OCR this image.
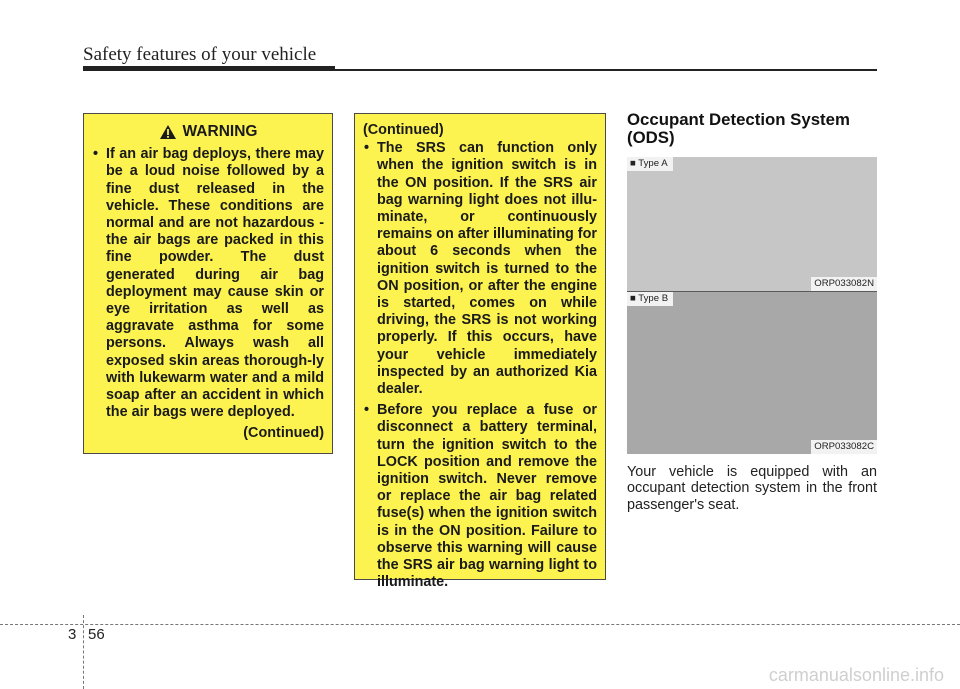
Safety features of your vehicle
WARNING
• If an air bag deploys, there may be a loud noise followed by a fine dust released in the vehicle. These conditions are normal and are not hazardous - the air bags are packed in this fine powder. The dust generated during air bag deployment may cause skin or eye irritation as well as aggravate asthma for some persons. Always wash all exposed skin areas thorough-ly with lukewarm water and a mild soap after an accident in which the air bags were deployed.
(Continued)
(Continued)
• The SRS can function only when the ignition switch is in the ON position. If the SRS air bag warning light does not illu-minate, or continuously remains on after illuminating for about 6 seconds when the ignition switch is turned to the ON position, or after the engine is started, comes on while driving, the SRS is not working properly. If this occurs, have your vehicle immediately inspected by an authorized Kia dealer.
• Before you replace a fuse or disconnect a battery terminal, turn the ignition switch to the LOCK position and remove the ignition switch. Never remove or replace the air bag related fuse(s) when the ignition switch is in the ON position. Failure to observe this warning will cause the SRS air bag warning light to illuminate.
Occupant Detection System (ODS)
■ Type A
ORP033082N
■ Type B
ORP033082C
Your vehicle is equipped with an occupant detection system in the front passenger's seat.
3 56
carmanualsonline.info
